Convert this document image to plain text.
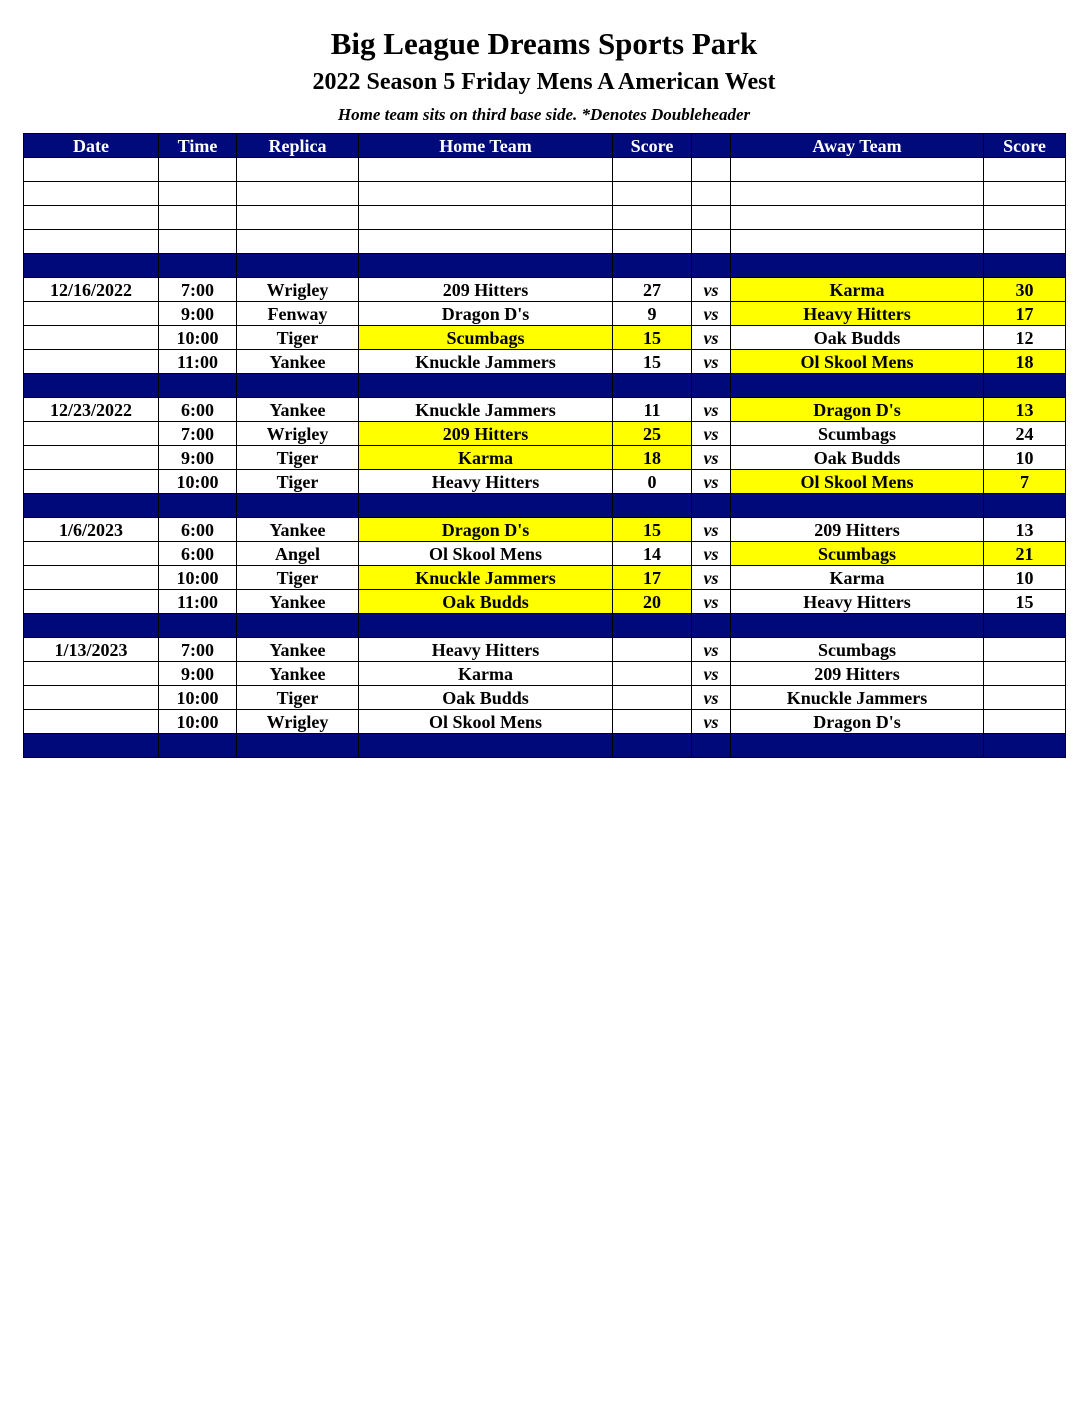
Big League Dreams Sports Park
2022 Season 5 Friday Mens A American West
Home team sits on third base side. *Denotes Doubleheader
Date	Time	Replica	Home Team	Score		Away Team	Score

12/16/2022	7:00	Wrigley	209 Hitters	27	vs	Karma	30
	9:00	Fenway	Dragon D's	9	vs	Heavy Hitters	17
	10:00	Tiger	Scumbags	15	vs	Oak Budds	12
	11:00	Yankee	Knuckle Jammers	15	vs	Ol Skool Mens	18

12/23/2022	6:00	Yankee	Knuckle Jammers	11	vs	Dragon D's	13
	7:00	Wrigley	209 Hitters	25	vs	Scumbags	24
	9:00	Tiger	Karma	18	vs	Oak Budds	10
	10:00	Tiger	Heavy Hitters	0	vs	Ol Skool Mens	7

1/6/2023	6:00	Yankee	Dragon D's	15	vs	209 Hitters	13
	6:00	Angel	Ol Skool Mens	14	vs	Scumbags	21
	10:00	Tiger	Knuckle Jammers	17	vs	Karma	10
	11:00	Yankee	Oak Budds	20	vs	Heavy Hitters	15

1/13/2023	7:00	Yankee	Heavy Hitters		vs	Scumbags	
	9:00	Yankee	Karma		vs	209 Hitters	
	10:00	Tiger	Oak Budds		vs	Knuckle Jammers	
	10:00	Wrigley	Ol Skool Mens		vs	Dragon D's	
